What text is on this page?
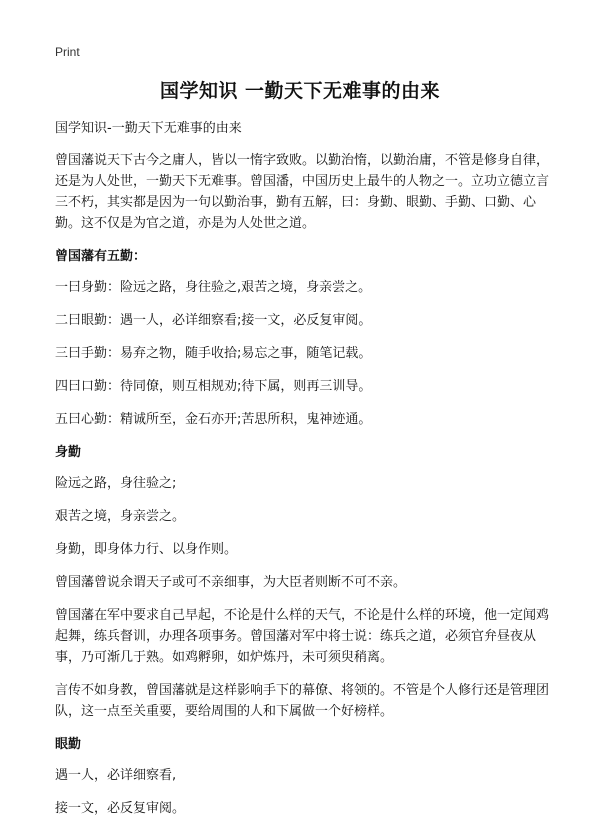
Print
国学知识 一勤天下无难事的由来

国学知识-一勤天下无难事的由来

曾国藩说天下古今之庸人，皆以一惰字致败。以勤治惰，以勤治庸，不管是修身自律，还是为人处世，一勤天下无难事。曾国潘，中国历史上最牛的人物之一。立功立德立言三不朽，其实都是因为一句以勤治事，勤有五解，曰：身勤、眼勤、手勤、口勤、心勤。这不仅是为官之道，亦是为人处世之道。

曾国藩有五勤：

一曰身勤：险远之路，身往验之,艰苦之境，身亲尝之。

二曰眼勤：遇一人，必详细察看;接一文，必反复审阅。

三曰手勤：易弃之物，随手收拾;易忘之事，随笔记载。

四曰口勤：待同僚，则互相规劝;待下属，则再三训导。

五曰心勤：精诚所至，金石亦开;苦思所积，鬼神迹通。

身勤

险远之路，身往验之;

艰苦之境，身亲尝之。

身勤，即身体力行、以身作则。

曾国藩曾说余谓天子或可不亲细事，为大臣者则断不可不亲。

曾国藩在军中要求自己早起，不论是什么样的天气，不论是什么样的环境，他一定闻鸡起舞，练兵督训，办理各项事务。曾国藩对军中将士说：练兵之道，必须官弁昼夜从事，乃可渐几于熟。如鸡孵卵，如炉炼丹，未可须臾稍离。

言传不如身教，曾国藩就是这样影响手下的幕僚、将领的。不管是个人修行还是管理团队，这一点至关重要，要给周围的人和下属做一个好榜样。

眼勤

遇一人，必详细察看,

接一文，必反复审阅。
